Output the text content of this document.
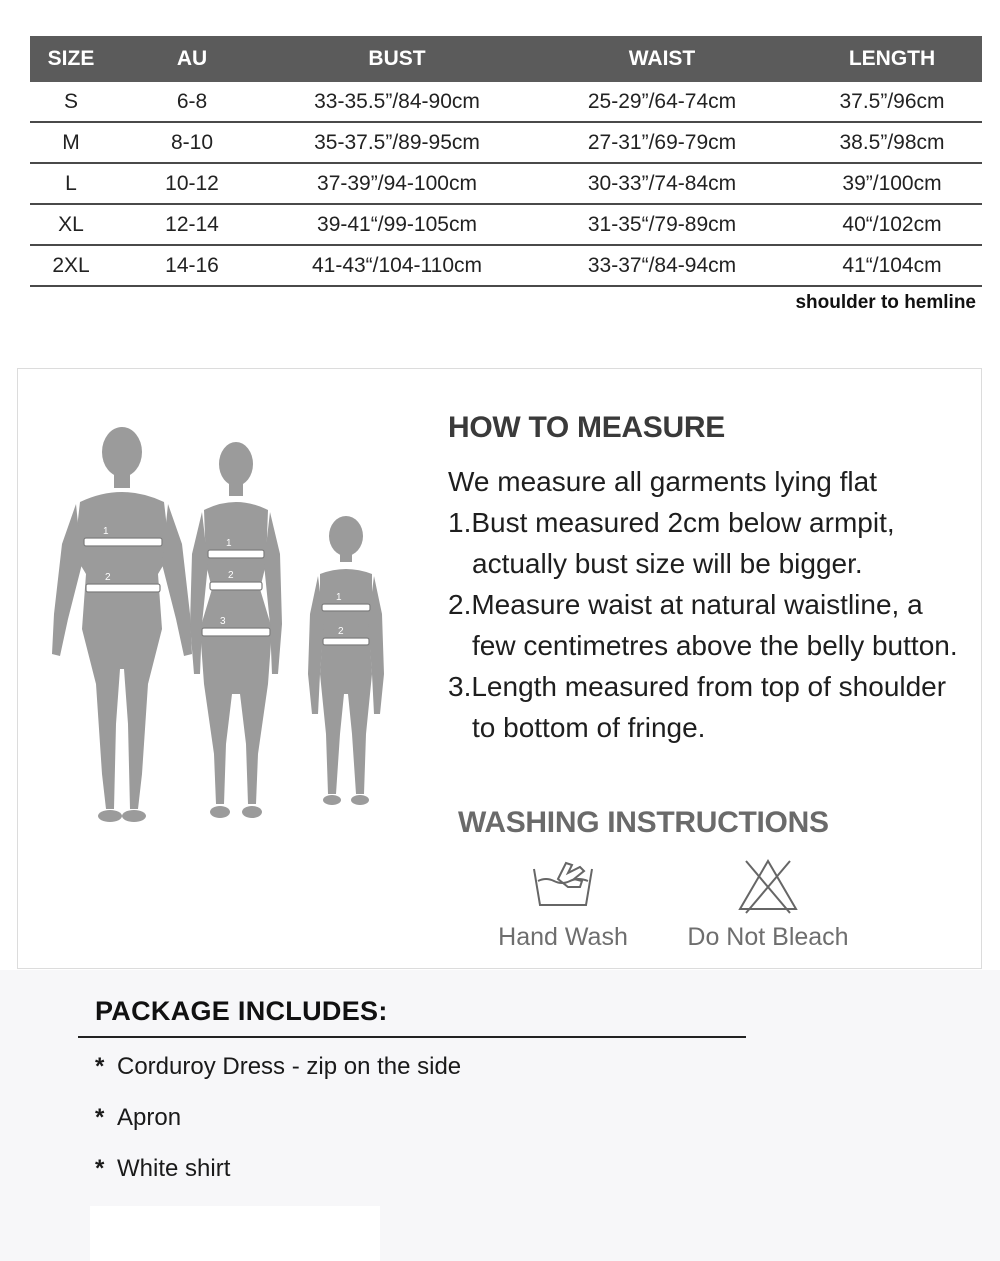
SIZE	AU	BUST	WAIST	LENGTH
S	6-8	33-35.5”/84-90cm	25-29”/64-74cm	37.5”/96cm
M	8-10	35-37.5”/89-95cm	27-31”/69-79cm	38.5”/98cm
L	10-12	37-39”/94-100cm	30-33”/74-84cm	39”/100cm
XL	12-14	39-41“/99-105cm	31-35“/79-89cm	40“/102cm
2XL	14-16	41-43“/104-110cm	33-37“/84-94cm	41“/104cm
shoulder to hemline
1
2
1
2
3
1
2
HOW TO MEASURE
We measure all garments lying flat
1.Bust measured 2cm below armpit,
actually bust size will be bigger.
2.Measure waist at natural waistline, a
few centimetres above the belly button.
3.Length measured from top of shoulder
to bottom of fringe.
WASHING INSTRUCTIONS
Hand Wash	Do Not Bleach
PACKAGE INCLUDES:
* Corduroy Dress - zip on the side
* Apron
* White shirt
